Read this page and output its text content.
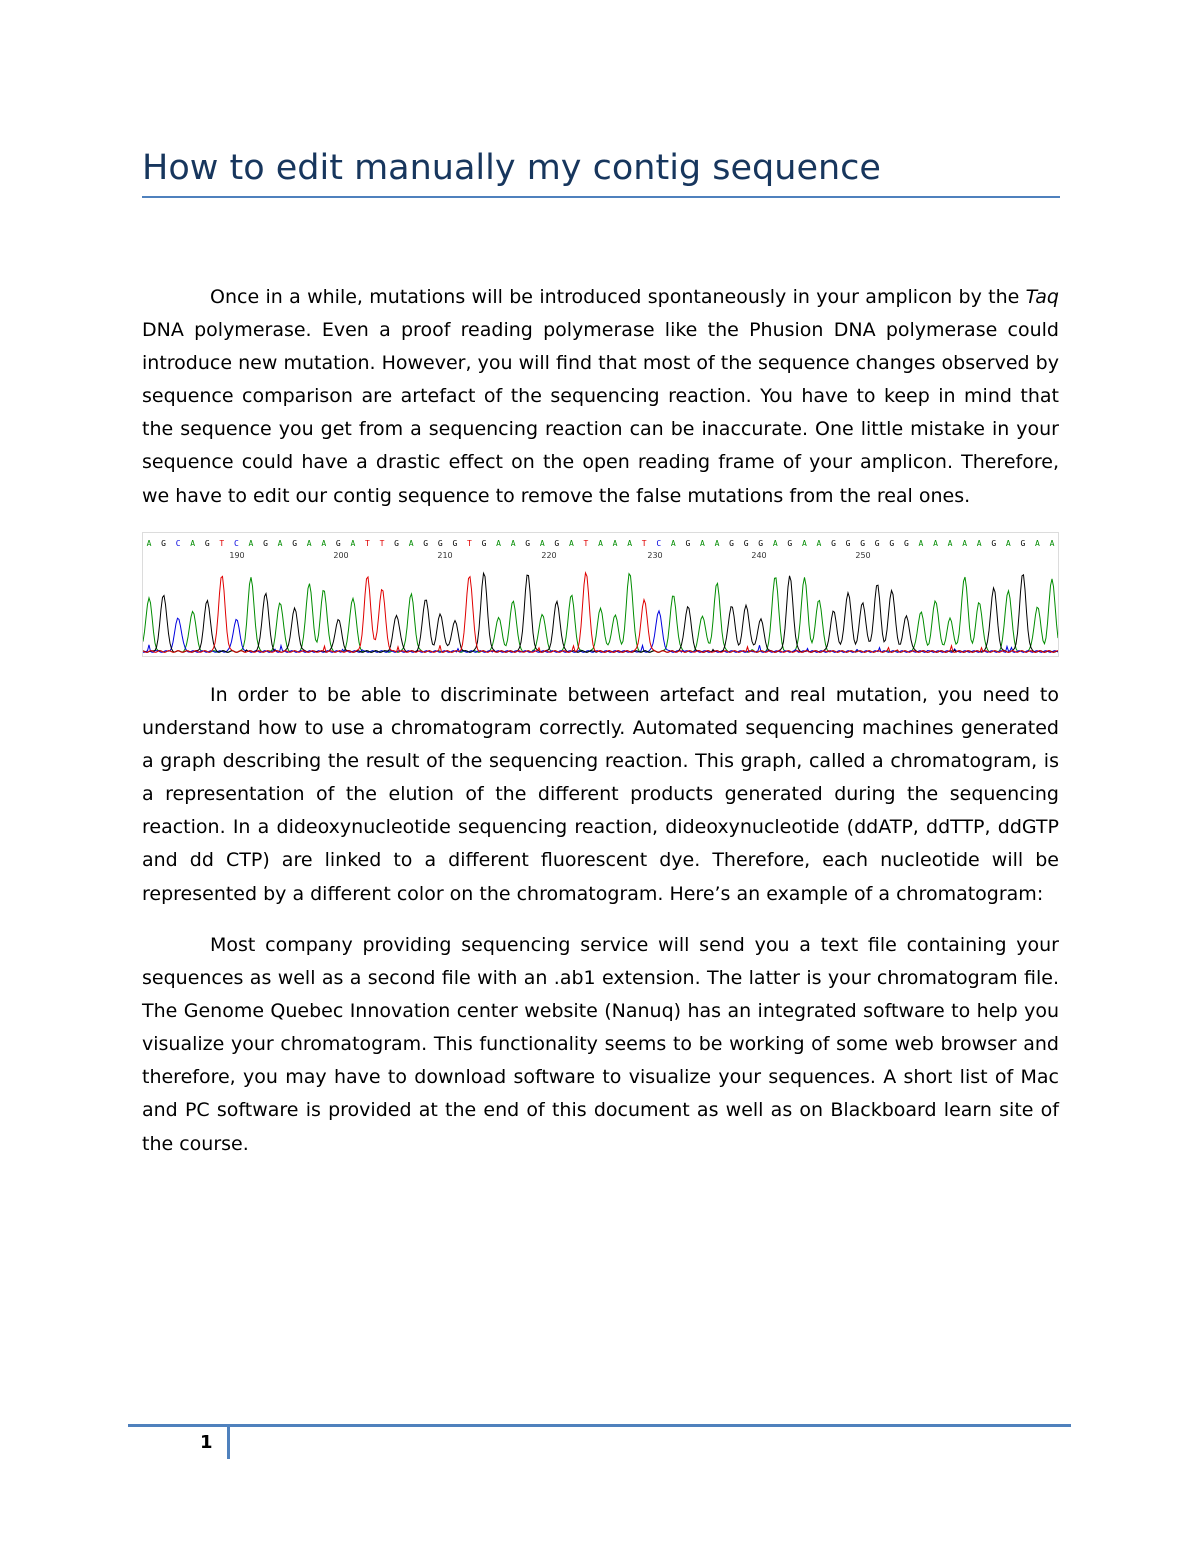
How to edit manually my contig sequence

Once in a while, mutations will be introduced spontaneously in your amplicon by the Taq DNA polymerase. Even a proof reading polymerase like the Phusion DNA polymerase could introduce new mutation. However, you will find that most of the sequence changes observed by sequence comparison are artefact of the sequencing reaction. You have to keep in mind that the sequence you get from a sequencing reaction can be inaccurate. One little mistake in your sequence could have a drastic effect on the open reading frame of your amplicon. Therefore, we have to edit our contig sequence to remove the false mutations from the real ones.

A G C A G T C A G A G A A G A T T G A G G G T G A A G A G A T A A A T C A G A A G G G A G A A G G G G G G A A A A A G A G A A
190	200	210	220	230	240	250

In order to be able to discriminate between artefact and real mutation, you need to understand how to use a chromatogram correctly. Automated sequencing machines generated a graph describing the result of the sequencing reaction. This graph, called a chromatogram, is a representation of the elution of the different products generated during the sequencing reaction. In a dideoxynucleotide sequencing reaction, dideoxynucleotide (ddATP, ddTTP, ddGTP and dd CTP) are linked to a different fluorescent dye. Therefore, each nucleotide will be represented by a different color on the chromatogram. Here’s an example of a chromatogram:

Most company providing sequencing service will send you a text file containing your sequences as well as a second file with an .ab1 extension. The latter is your chromatogram file. The Genome Quebec Innovation center website (Nanuq) has an integrated software to help you visualize your chromatogram. This functionality seems to be working of some web browser and therefore, you may have to download software to visualize your sequences. A short list of Mac and PC software is provided at the end of this document as well as on Blackboard learn site of the course.

1
